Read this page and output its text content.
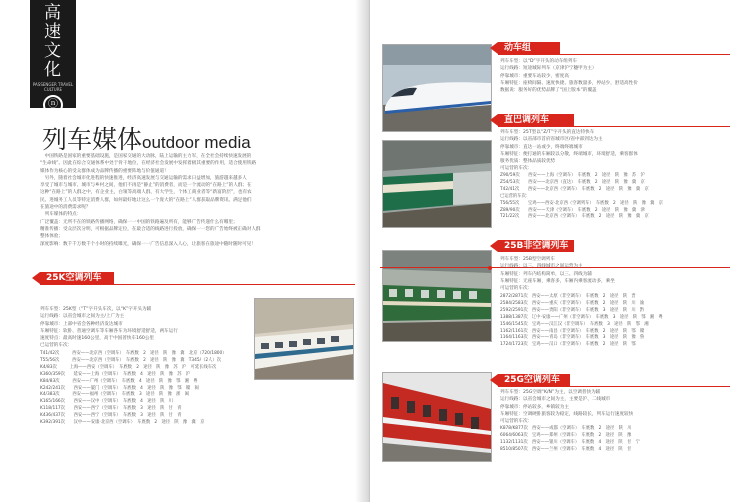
高
速
文
化
PASSENGER TRAVEL CULTURE
ⓝ
列车媒体outdoor media
　中国铁路是国家的重要基础设施，是国家交通的大动脉，陆上运输的主力军，在全社会持续快速发展的
“生命线”。因此在综合交通体系中处于骨干地位，在经济社会发展中发挥着极其重要的作用，适合使用铁路
媒体作为核心的受众群体成为品牌传播的重要阵地与价值通道！
　另外，随着社会城市化进程的快速推进，经济高速发展与交通运输的需求日益增加，旅游越来越多人
享受了城市与城市、城市与乡村之间，他们不再是“静止”的消费者，而是一个流动的“在路上”的人群；在
这种“在路上”的人群之中，有企业主，白领等高端人群，有大学生，个体工商业者等“新富阶层”，也有农
民、进城务工人员等特定消费人群，如何最好地让这么一个庞大的“在路上”人群获取品牌资讯、满足他们
在旅途中的消费需求呢？
　列车媒体的特点：
广泛覆盖：无所不在的铁路传播网络，确保一一中国的铁路遍及所有，能够广告传递什么有哪里；
精准传播：受众层次分明，可根据品牌定位，在最合适的线路进行投放，确保一一您的广告始终被正确对人群
整体体验；
深度影响：数千千万数千个小时的持续曝光，确保一一广告信息深入人心，让旅客在旅途中随时随时可见！
25K空调列车
列车车型：25K型（“T”字开头车次，以“K”字开头为辅
运行线路：以省会城市之间为主/上广为主
停靠城市：上部中省会各种经济发达城市
车厢特征：软卧、普通空调车等车厢各车为环境舒适舒适，两车运行
速度特点：最高时速160公里，高于中国普快车160公里
已运营的车次：
T41/42次　　　西安——北京西（空调车）　车底数　2　途径　陕　豫　冀　北京（720/1800）
T55/56次　　　西安——北京西（空调车）　车底数　2　途径　陕　豫　冀　T345/（2人）次
K4/83次　　　上海——西安（空调车）　车底数　2　途径　陕　豫　苏　沪　可延长线车次
K360/359次　　延安——上海（空调车）　车底数　4　途径　陕　豫　苏　沪
K84/83次　　　西安——广州（空调车）　车底数　4　途径　陕　豫　鄂　湘　粤
K242/241次　　西安——厦门（空调车）　车底数　4　途径　陕　豫　鄂　赣　闽
K4/383次　　　西安——福州（空调车）　车底数　3　途径　陕　豫　浙　闽
K165/166次　　西安——汉中（空调车）　车底数　4　途径　陕　川
K118/117次　　西安——西宁（空调车）　车底数　3　途径　陕　甘　青
K436/437次　　西安——西宁（空调车）　车底数　3　途径　陕　甘　青
K392/391次　　汉中——安康·北京西（空调车）　车底数　2　途径　陕　豫　冀　京
动车组
列车车型：以“D”字开头的动车组列车
运行线路：短途城际列车（京津沪宁穗甲为主）
停靠城市：重要车站较少，密度高
车厢特征：座椅间隔、速度快捷、旅客数量多，停站少，舒适高性价
数据说：服务好的优势品牌了“国上版本”的覆盖
直巴调列车
列车车型：25T型以“Z/T”字开头的直达特快车
运行线路：以省部市首府省城市区/省中部到达为主
停靠城市：直达一站或少，终端终端城市
车厢特征：便打通的车厢较以分散，终端城市，环境舒适，乘客群体
服务优质：整体品质较优势
可运营的车次：
Z90/59次　　西安——上海（空调车）　车底数　2　途径　陕　豫　苏　沪
Z54/53次　　西安——北京西（直达）　车底数　2　途径　陕　豫　冀　京
T42/41次　　西安——北京西（空调车）　车底数　2　途径　陕　豫　冀　京
已运营的车次：
T56/55次　　宝鸡——西安·北京西（空调列车）　车底数　2　途径　陕　豫　冀　京
Z89/90次　　西安——天津（空调车）　车底数　2　途径　陕　豫　冀　津
T21/22次　　西安——北京西（空调车）　车底数　2　途径　陕　豫　冀　京
25B非空调列车
列车车型：25B型空调列车
运行线路：以三、四线城市之间运营为主
车厢特征：列车内结构简单，以三、四线为辅
车厢特征：无座车厢，乘客多，车厢内乘客流动多，乘坐
可运营的车次：
2872/2871次　西安——太原（非空调车）　车底数　2　途径　陕　晋
2584/2583次　西安——重庆（非空调车）　车底数　2　途径　陕　川　渝
2592/2591次　西安——贵阳（非空调车）　车底数　3　途径　陕　川　黔
1388/1387次　辽中·安康——广州（非空调车）　车底数　3　途径　陕　鄂　湘　粤
1546/1545次　宝鸡——汉江汉（非空调车）　车底数　3　途径　陕　鄂　湘
1162/1161次　西安——南昌（非空调车）　车底数　2　途径　陕　鄂　赣
1164/1163次　西安——青岛（非空调车）　车底数　3　途径　陕　豫　鲁
1724/1723次　宝鸡——汉口（非空调车）　车底数　2　途径　陕　鄂
25G空调列车
列车车型：25G空调“K/N”为主，以空调普快为辅
运行线路：以省会城市之间为主，主要是沪、二线城市
停靠城市：停站较多，乡镇较为主
车厢特征：空调硬卧旅客较为稳定，线路较长，列车运行速度较快
可运营的车次：
K878/K877次　西安——成都（空调车）　车底数　2　途径　陕　川
6064/6063次　宝鸡——郑州（空调车）　车底数　2　途径　陕　豫
1132/1131次　西安——银川（空调车）　车底数　4　途径　陕　甘　宁
8510/8507次　西安——兰州（空调车）　车底数　4　途径　陕　甘
